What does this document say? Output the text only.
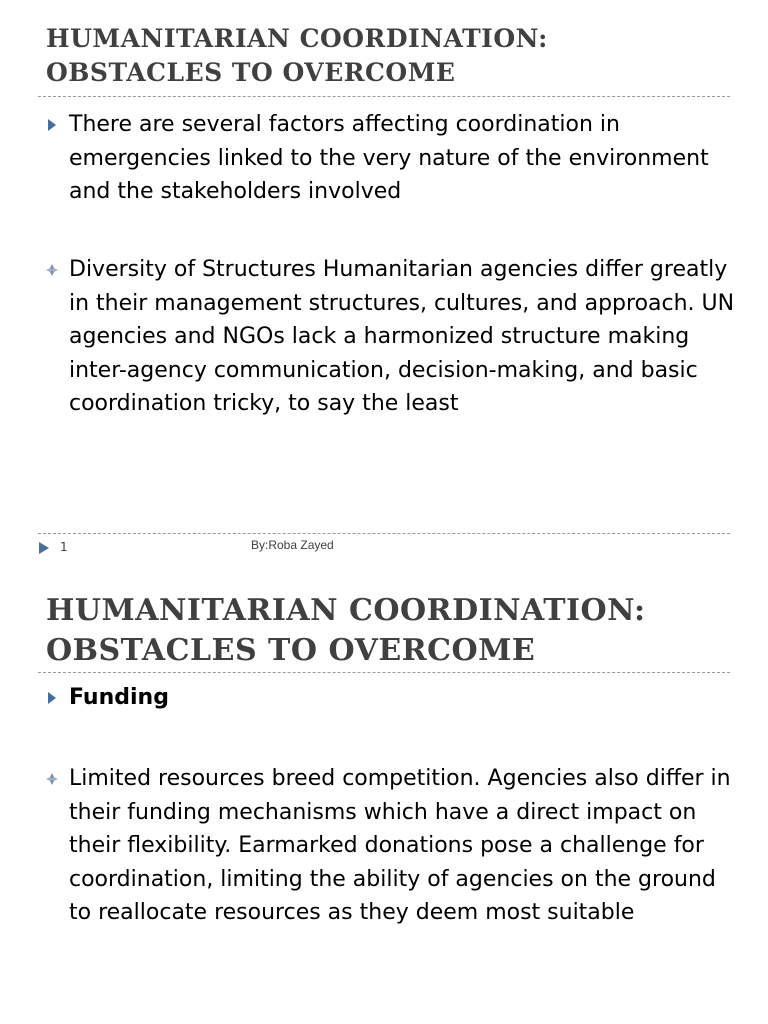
HUMANITARIAN COORDINATION:
OBSTACLES TO OVERCOME
There are several factors affecting coordination in emergencies linked to the very nature of the environment and the stakeholders involved
Diversity of Structures Humanitarian agencies differ greatly in their management structures, cultures, and approach. UN agencies and NGOs lack a harmonized structure making inter-agency communication, decision-making, and basic coordination tricky, to say the least
1	By:Roba Zayed
HUMANITARIAN COORDINATION:
OBSTACLES TO OVERCOME
Funding
Limited resources breed competition. Agencies also differ in their funding mechanisms which have a direct impact on their flexibility. Earmarked donations pose a challenge for coordination, limiting the ability of agencies on the ground to reallocate resources as they deem most suitable
